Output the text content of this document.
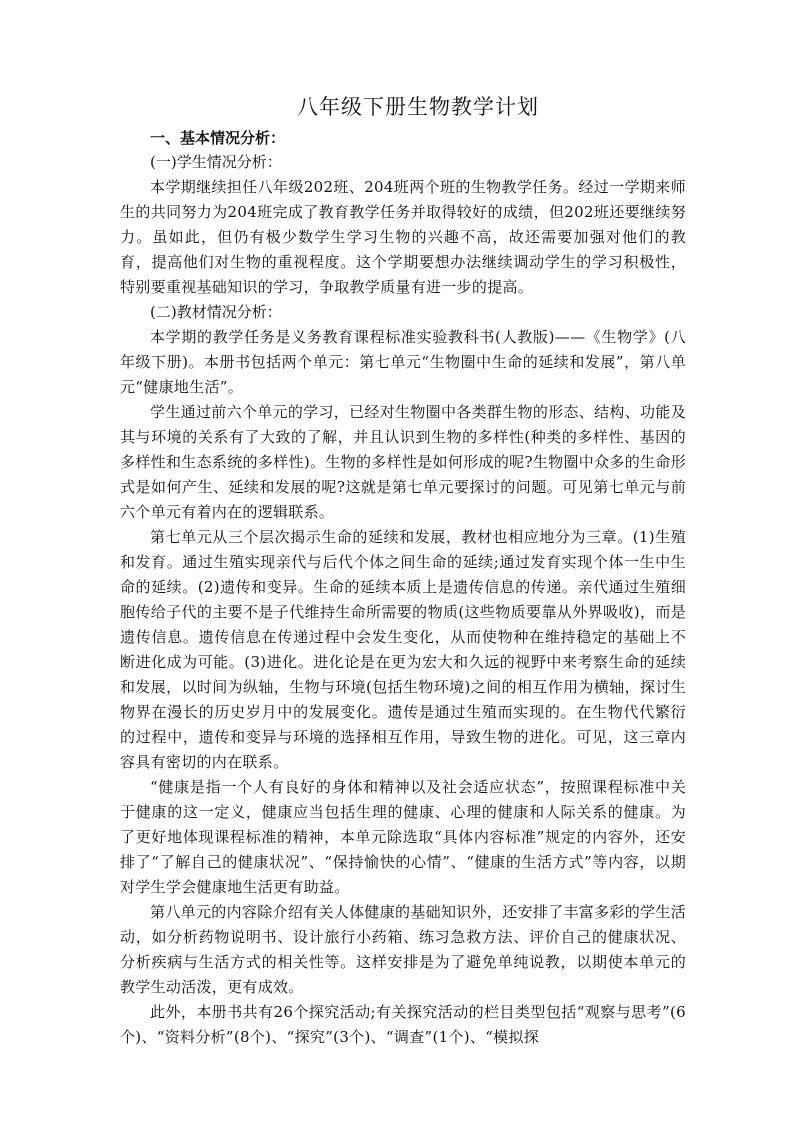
八年级下册生物教学计划

一、基本情况分析：

(一)学生情况分析：

本学期继续担任八年级202班、204班两个班的生物教学任务。经过一学期来师生的共同努力为204班完成了教育教学任务并取得较好的成绩，但202班还要继续努力。虽如此，但仍有极少数学生学习生物的兴趣不高，故还需要加强对他们的教育，提高他们对生物的重视程度。这个学期要想办法继续调动学生的学习积极性，特别要重视基础知识的学习，争取教学质量有进一步的提高。

(二)教材情况分析：

本学期的教学任务是义务教育课程标准实验教科书(人教版)——《生物学》(八年级下册)。本册书包括两个单元：第七单元“生物圈中生命的延续和发展”，第八单元“健康地生活”。

学生通过前六个单元的学习，已经对生物圈中各类群生物的形态、结构、功能及其与环境的关系有了大致的了解，并且认识到生物的多样性(种类的多样性、基因的多样性和生态系统的多样性)。生物的多样性是如何形成的呢?生物圈中众多的生命形式是如何产生、延续和发展的呢?这就是第七单元要探讨的问题。可见第七单元与前六个单元有着内在的逻辑联系。

第七单元从三个层次揭示生命的延续和发展，教材也相应地分为三章。(1)生殖和发育。通过生殖实现亲代与后代个体之间生命的延续;通过发育实现个体一生中生命的延续。(2)遗传和变异。生命的延续本质上是遗传信息的传递。亲代通过生殖细胞传给子代的主要不是子代维持生命所需要的物质(这些物质要靠从外界吸收)，而是遗传信息。遗传信息在传递过程中会发生变化，从而使物种在维持稳定的基础上不断进化成为可能。(3)进化。进化论是在更为宏大和久远的视野中来考察生命的延续和发展，以时间为纵轴，生物与环境(包括生物环境)之间的相互作用为横轴，探讨生物界在漫长的历史岁月中的发展变化。遗传是通过生殖而实现的。在生物代代繁衍的过程中，遗传和变异与环境的选择相互作用，导致生物的进化。可见，这三章内容具有密切的内在联系。

“健康是指一个人有良好的身体和精神以及社会适应状态”，按照课程标准中关于健康的这一定义，健康应当包括生理的健康、心理的健康和人际关系的健康。为了更好地体现课程标准的精神，本单元除选取“具体内容标准”规定的内容外，还安排了“了解自己的健康状况”、“保持愉快的心情”、“健康的生活方式”等内容，以期对学生学会健康地生活更有助益。

第八单元的内容除介绍有关人体健康的基础知识外，还安排了丰富多彩的学生活动，如分析药物说明书、设计旅行小药箱、练习急救方法、评价自己的健康状况、分析疾病与生活方式的相关性等。这样安排是为了避免单纯说教，以期使本单元的教学生动活泼，更有成效。

此外，本册书共有26个探究活动;有关探究活动的栏目类型包括“观察与思考”(6个)、“资料分析”(8个)、“探究”(3个)、“调查”(1个)、“模拟探
